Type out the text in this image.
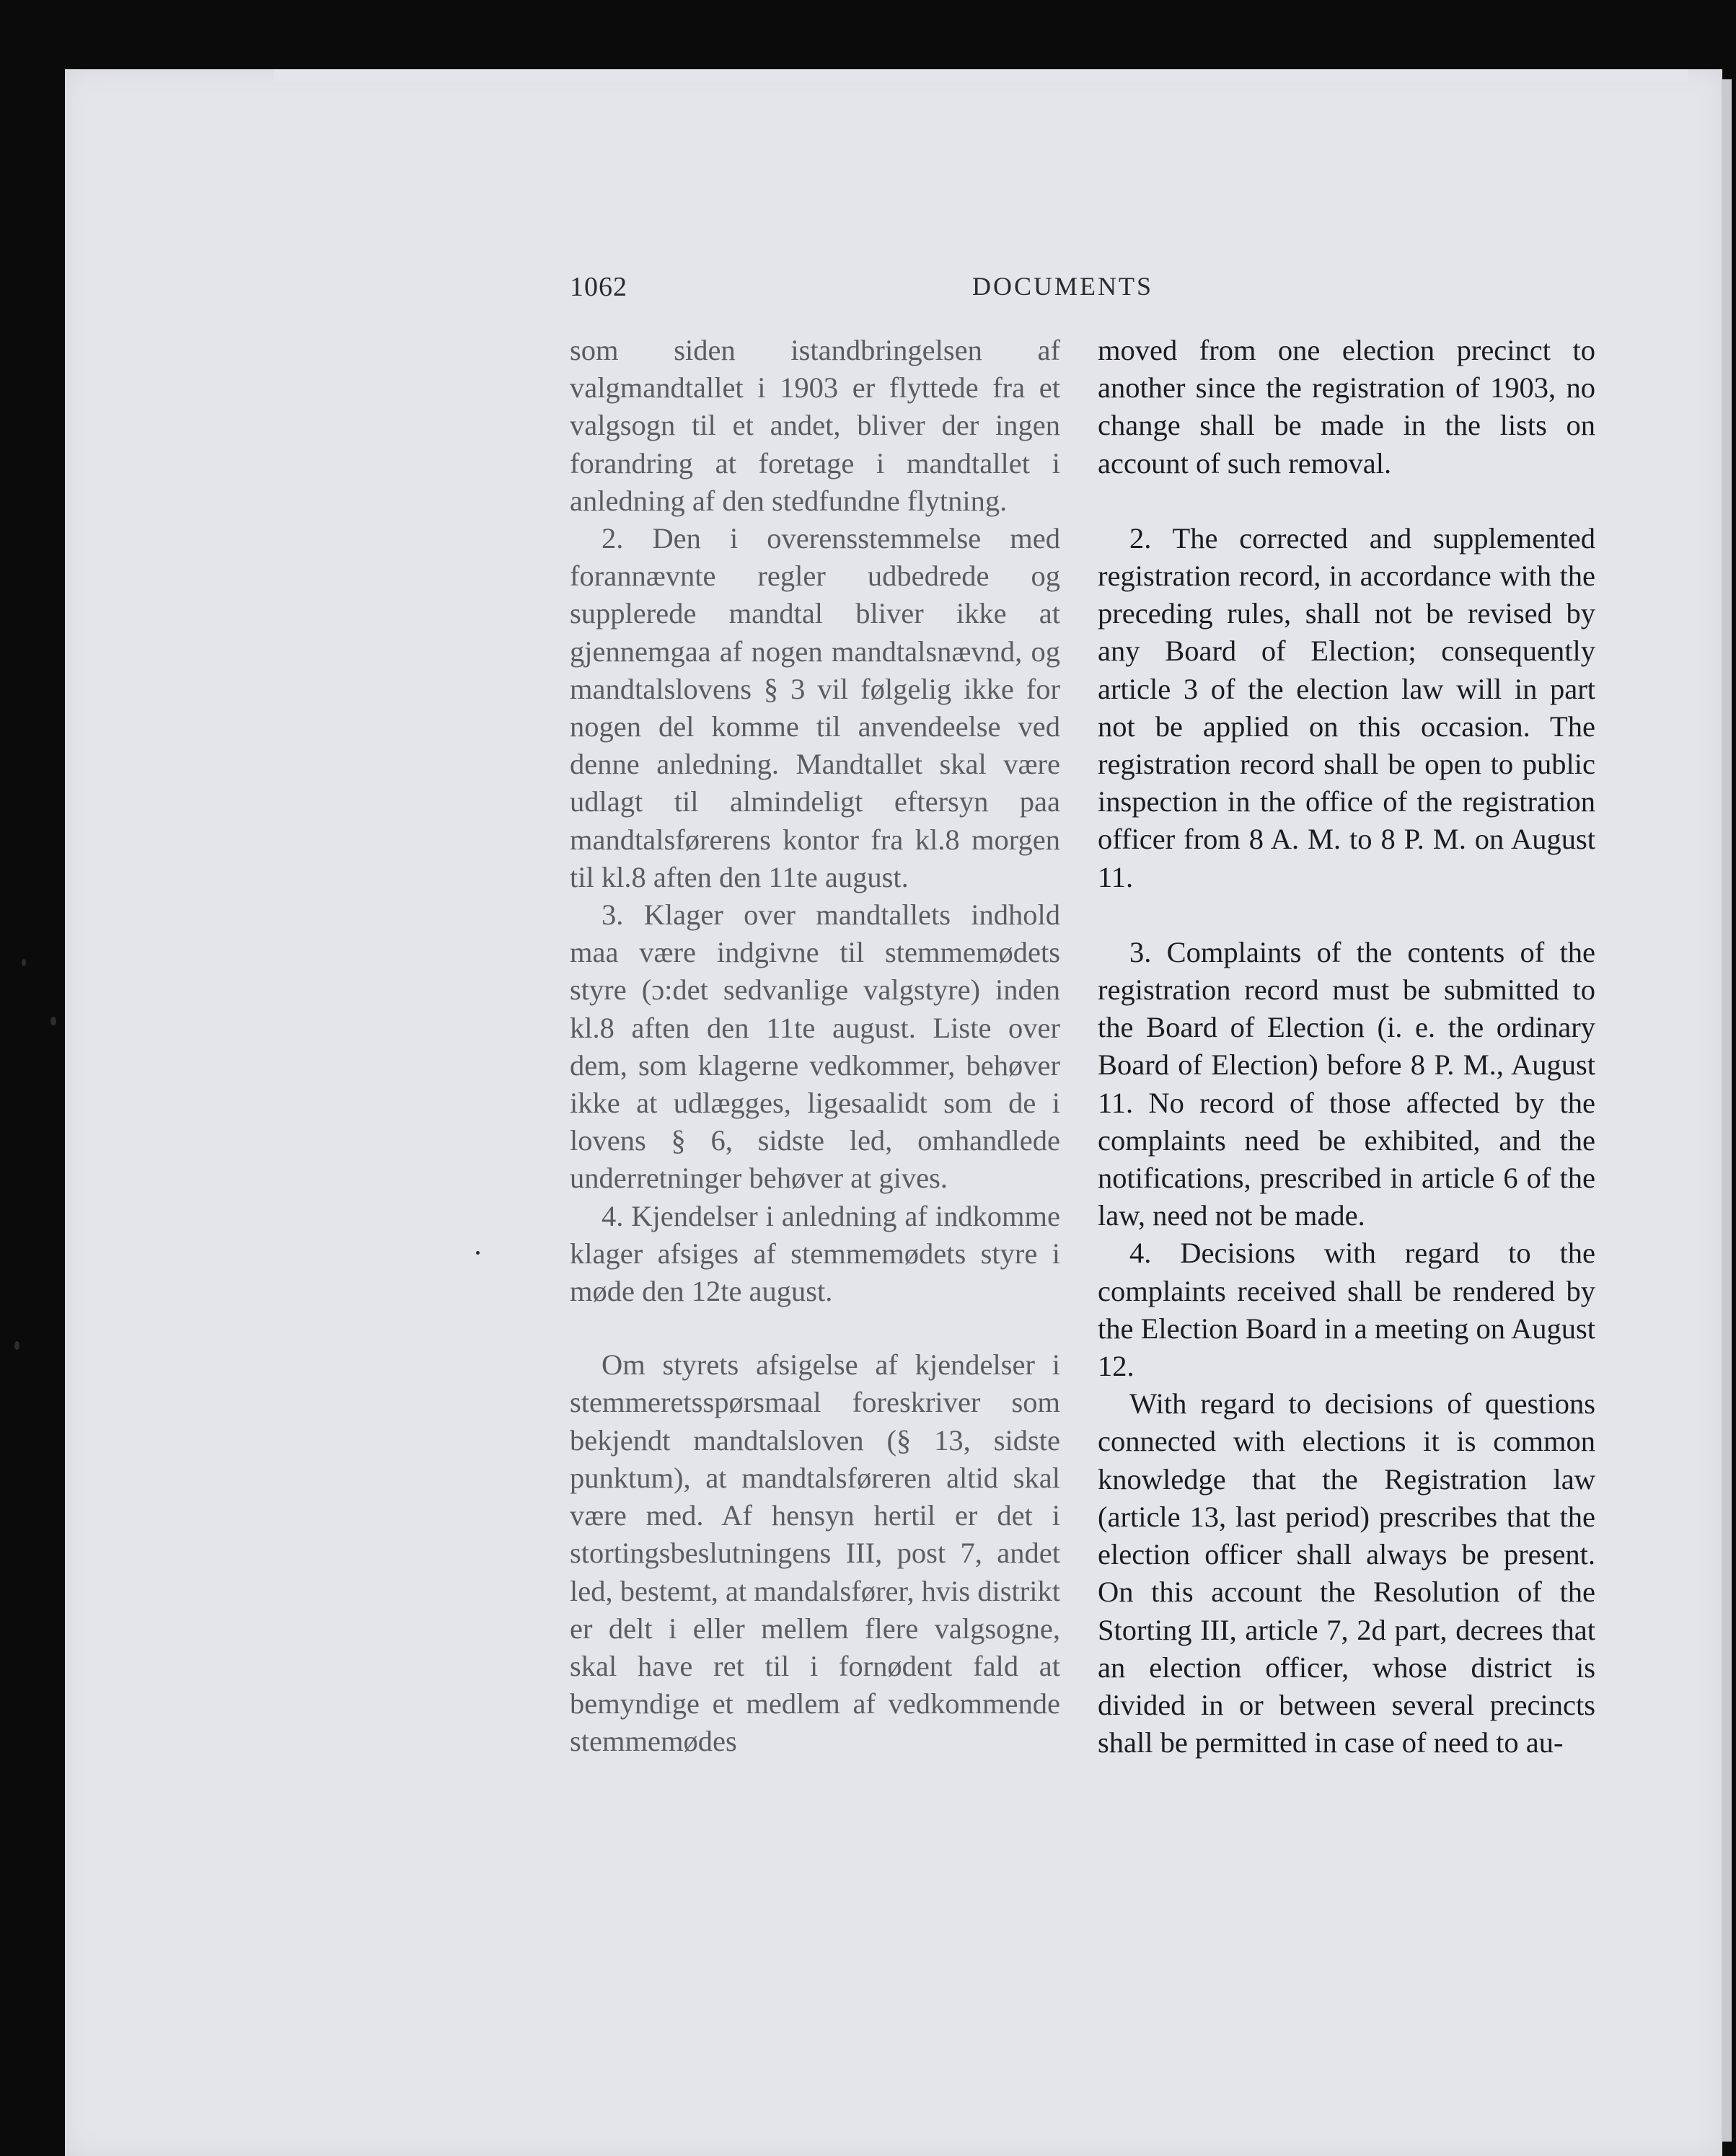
1062	DOCUMENTS

som siden istandbringelsen af valgmandtallet i 1903 er flyttede fra et valgsogn til et andet, bliver der ingen forandring at foretage i mandtallet i anledning af den stedfundne flytning.

2. Den i overensstemmelse med forannævnte regler udbedrede og supplerede mandtal bliver ikke at gjennemgaa af nogen mandtalsnævnd, og mandtalslovens § 3 vil følgelig ikke for nogen del komme til anvendeelse ved denne anledning. Mandtallet skal være udlagt til almindeligt eftersyn paa mandtalsførerens kontor fra kl.8 morgen til kl.8 aften den 11te august.

3. Klager over mandtallets indhold maa være indgivne til stemmemødets styre (ɔ:det sedvanlige valgstyre) inden kl.8 aften den 11te august. Liste over dem, som klagerne vedkommer, behøver ikke at udlægges, ligesaalidt som de i lovens § 6, sidste led, omhandlede underretninger behøver at gives.

4. Kjendelser i anledning af indkomme klager afsiges af stemmemødets styre i møde den 12te august.

Om styrets afsigelse af kjendelser i stemmeretsspørsmaal foreskriver som bekjendt mandtalsloven (§ 13, sidste punktum), at mandtalsføreren altid skal være med. Af hensyn hertil er det i stortingsbeslutningens III, post 7, andet led, bestemt, at mandalsfører, hvis distrikt er delt i eller mellem flere valgsogne, skal have ret til i fornødent fald at bemyndige et medlem af vedkommende stemmemødes

moved from one election precinct to another since the registration of 1903, no change shall be made in the lists on account of such removal.

2. The corrected and supplemented registration record, in accordance with the preceding rules, shall not be revised by any Board of Election; consequently article 3 of the election law will in part not be applied on this occasion. The registration record shall be open to public inspection in the office of the registration officer from 8 A. M. to 8 P. M. on August 11.

3. Complaints of the contents of the registration record must be submitted to the Board of Election (i. e. the ordinary Board of Election) before 8 P. M., August 11. No record of those affected by the complaints need be exhibited, and the notifications, prescribed in article 6 of the law, need not be made.

4. Decisions with regard to the complaints received shall be rendered by the Election Board in a meeting on August 12.

With regard to decisions of questions connected with elections it is common knowledge that the Registration law (article 13, last period) prescribes that the election officer shall always be present. On this account the Resolution of the Storting III, article 7, 2d part, decrees that an election officer, whose district is divided in or between several precincts shall be permitted in case of need to au-
